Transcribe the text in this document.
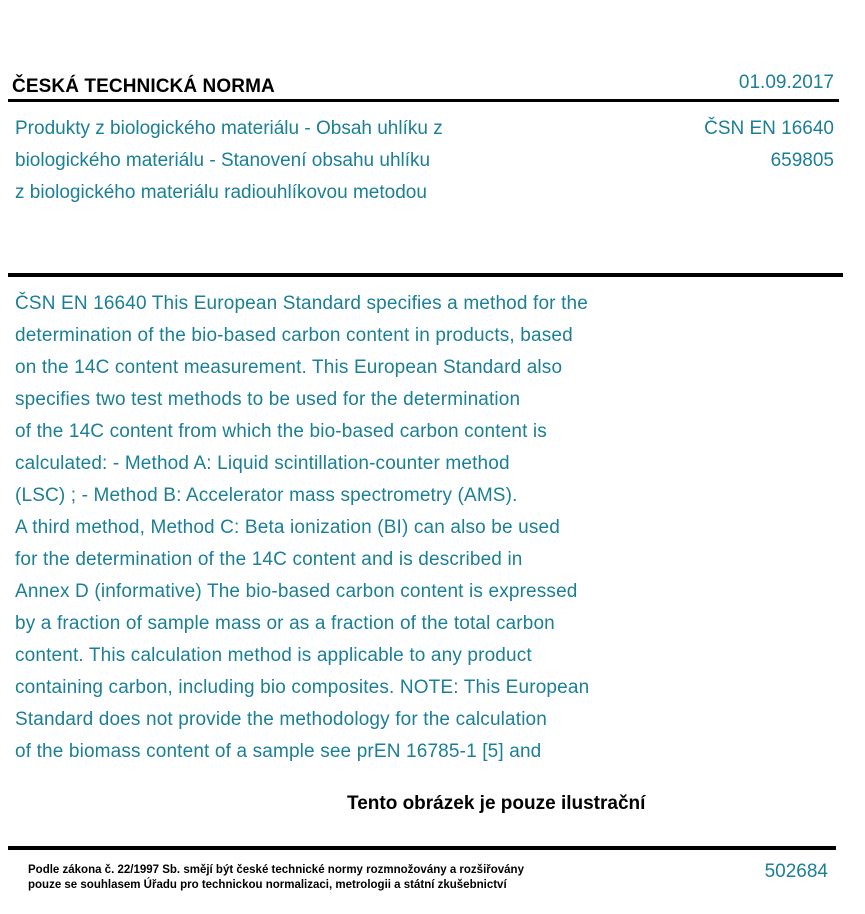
ČESKÁ TECHNICKÁ NORMA	01.09.2017
Produkty z biologického materiálu - Obsah uhlíku z
biologického materiálu - Stanovení obsahu uhlíku
z biologického materiálu radiouhlíkovou metodou
ČSN EN 16640
659805
ČSN EN 16640 This European Standard specifies a method for the
determination of the bio-based carbon content in products, based
on the 14C content measurement. This European Standard also
specifies two test methods to be used for the determination
of the 14C content from which the bio-based carbon content is
calculated: - Method A: Liquid scintillation-counter method
(LSC) ; - Method B: Accelerator mass spectrometry (AMS).
A third method, Method C: Beta ionization (BI) can also be used
for the determination of the 14C content and is described in
Annex D (informative) The bio-based carbon content is expressed
by a fraction of sample mass or as a fraction of the total carbon
content. This calculation method is applicable to any product
containing carbon, including bio composites. NOTE: This European
Standard does not provide the methodology for the calculation
of the biomass content of a sample see prEN 16785-1 [5] and
Tento obrázek je pouze ilustrační
Podle zákona č. 22/1997 Sb. smějí být české technické normy rozmnožovány a rozšiřovány
pouze se souhlasem Úřadu pro technickou normalizaci, metrologii a státní zkušebnictví
502684
